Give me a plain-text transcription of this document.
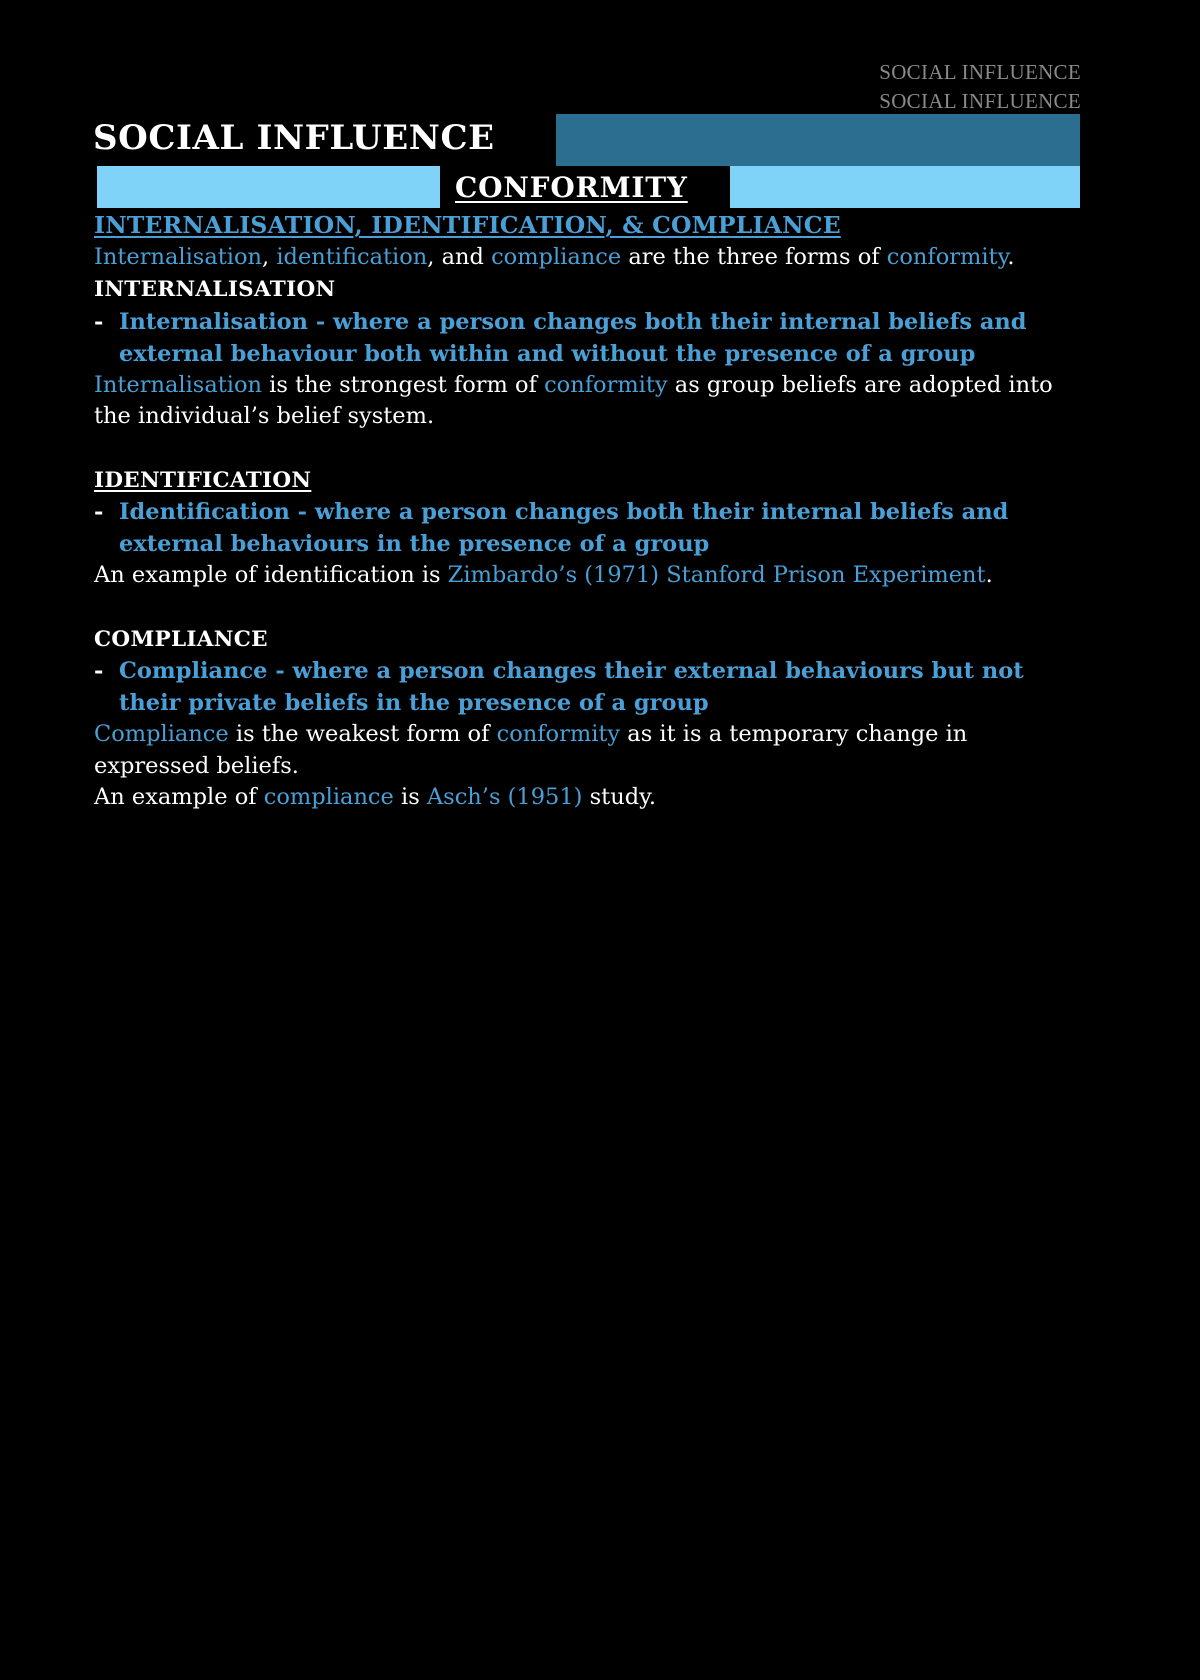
SOCIAL INFLUENCE
SOCIAL INFLUENCE
SOCIAL INFLUENCE
CONFORMITY
INTERNALISATION, IDENTIFICATION, & COMPLIANCE
Internalisation, identification, and compliance are the three forms of conformity.
INTERNALISATION
- Internalisation - where a person changes both their internal beliefs and external behaviour both within and without the presence of a group
Internalisation is the strongest form of conformity as group beliefs are adopted into the individual’s belief system.
IDENTIFICATION
- Identification - where a person changes both their internal beliefs and external behaviours in the presence of a group
An example of identification is Zimbardo’s (1971) Stanford Prison Experiment.
COMPLIANCE
- Compliance - where a person changes their external behaviours but not their private beliefs in the presence of a group
Compliance is the weakest form of conformity as it is a temporary change in expressed beliefs.
An example of compliance is Asch’s (1951) study.
